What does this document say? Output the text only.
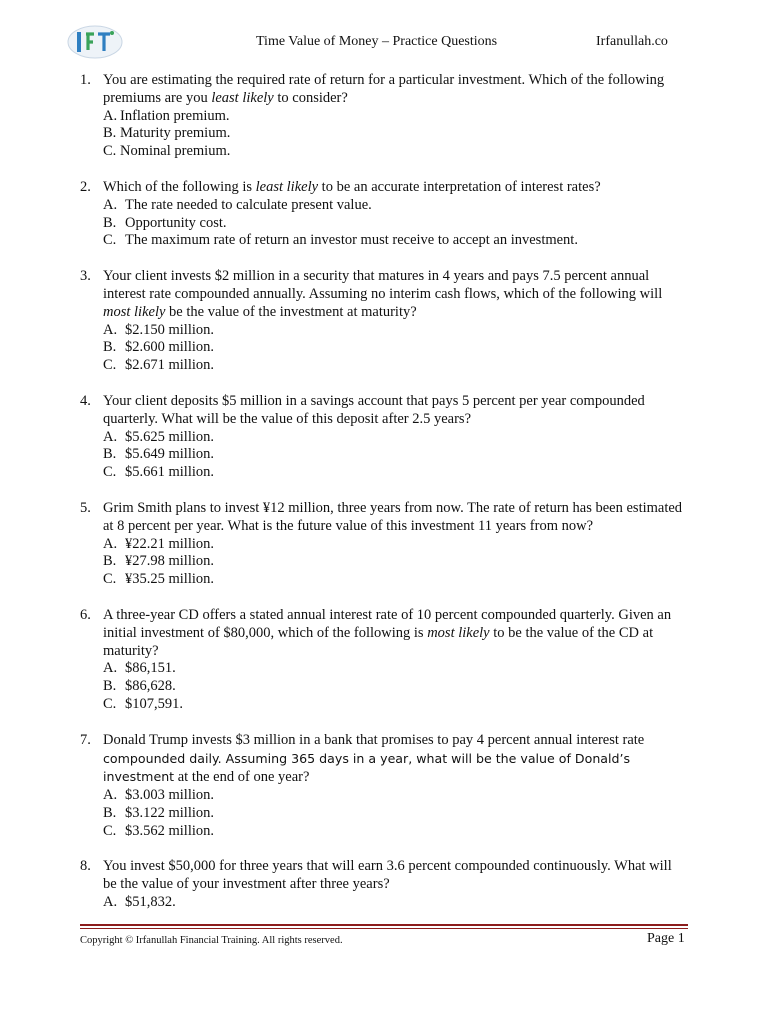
Time Value of Money – Practice Questions	Irfanullah.co
1. You are estimating the required rate of return for a particular investment. Which of the following premiums are you least likely to consider?
A. Inflation premium.
B. Maturity premium.
C. Nominal premium.
2. Which of the following is least likely to be an accurate interpretation of interest rates?
A. The rate needed to calculate present value.
B. Opportunity cost.
C. The maximum rate of return an investor must receive to accept an investment.
3. Your client invests $2 million in a security that matures in 4 years and pays 7.5 percent annual interest rate compounded annually. Assuming no interim cash flows, which of the following will most likely be the value of the investment at maturity?
A. $2.150 million.
B. $2.600 million.
C. $2.671 million.
4. Your client deposits $5 million in a savings account that pays 5 percent per year compounded quarterly. What will be the value of this deposit after 2.5 years?
A. $5.625 million.
B. $5.649 million.
C. $5.661 million.
5. Grim Smith plans to invest ¥12 million, three years from now. The rate of return has been estimated at 8 percent per year. What is the future value of this investment 11 years from now?
A. ¥22.21 million.
B. ¥27.98 million.
C. ¥35.25 million.
6. A three-year CD offers a stated annual interest rate of 10 percent compounded quarterly. Given an initial investment of $80,000, which of the following is most likely to be the value of the CD at maturity?
A. $86,151.
B. $86,628.
C. $107,591.
7. Donald Trump invests $3 million in a bank that promises to pay 4 percent annual interest rate compounded daily. Assuming 365 days in a year, what will be the value of Donald’s investment at the end of one year?
A. $3.003 million.
B. $3.122 million.
C. $3.562 million.
8. You invest $50,000 for three years that will earn 3.6 percent compounded continuously. What will be the value of your investment after three years?
A. $51,832.
Copyright © Irfanullah Financial Training. All rights reserved.	Page 1
